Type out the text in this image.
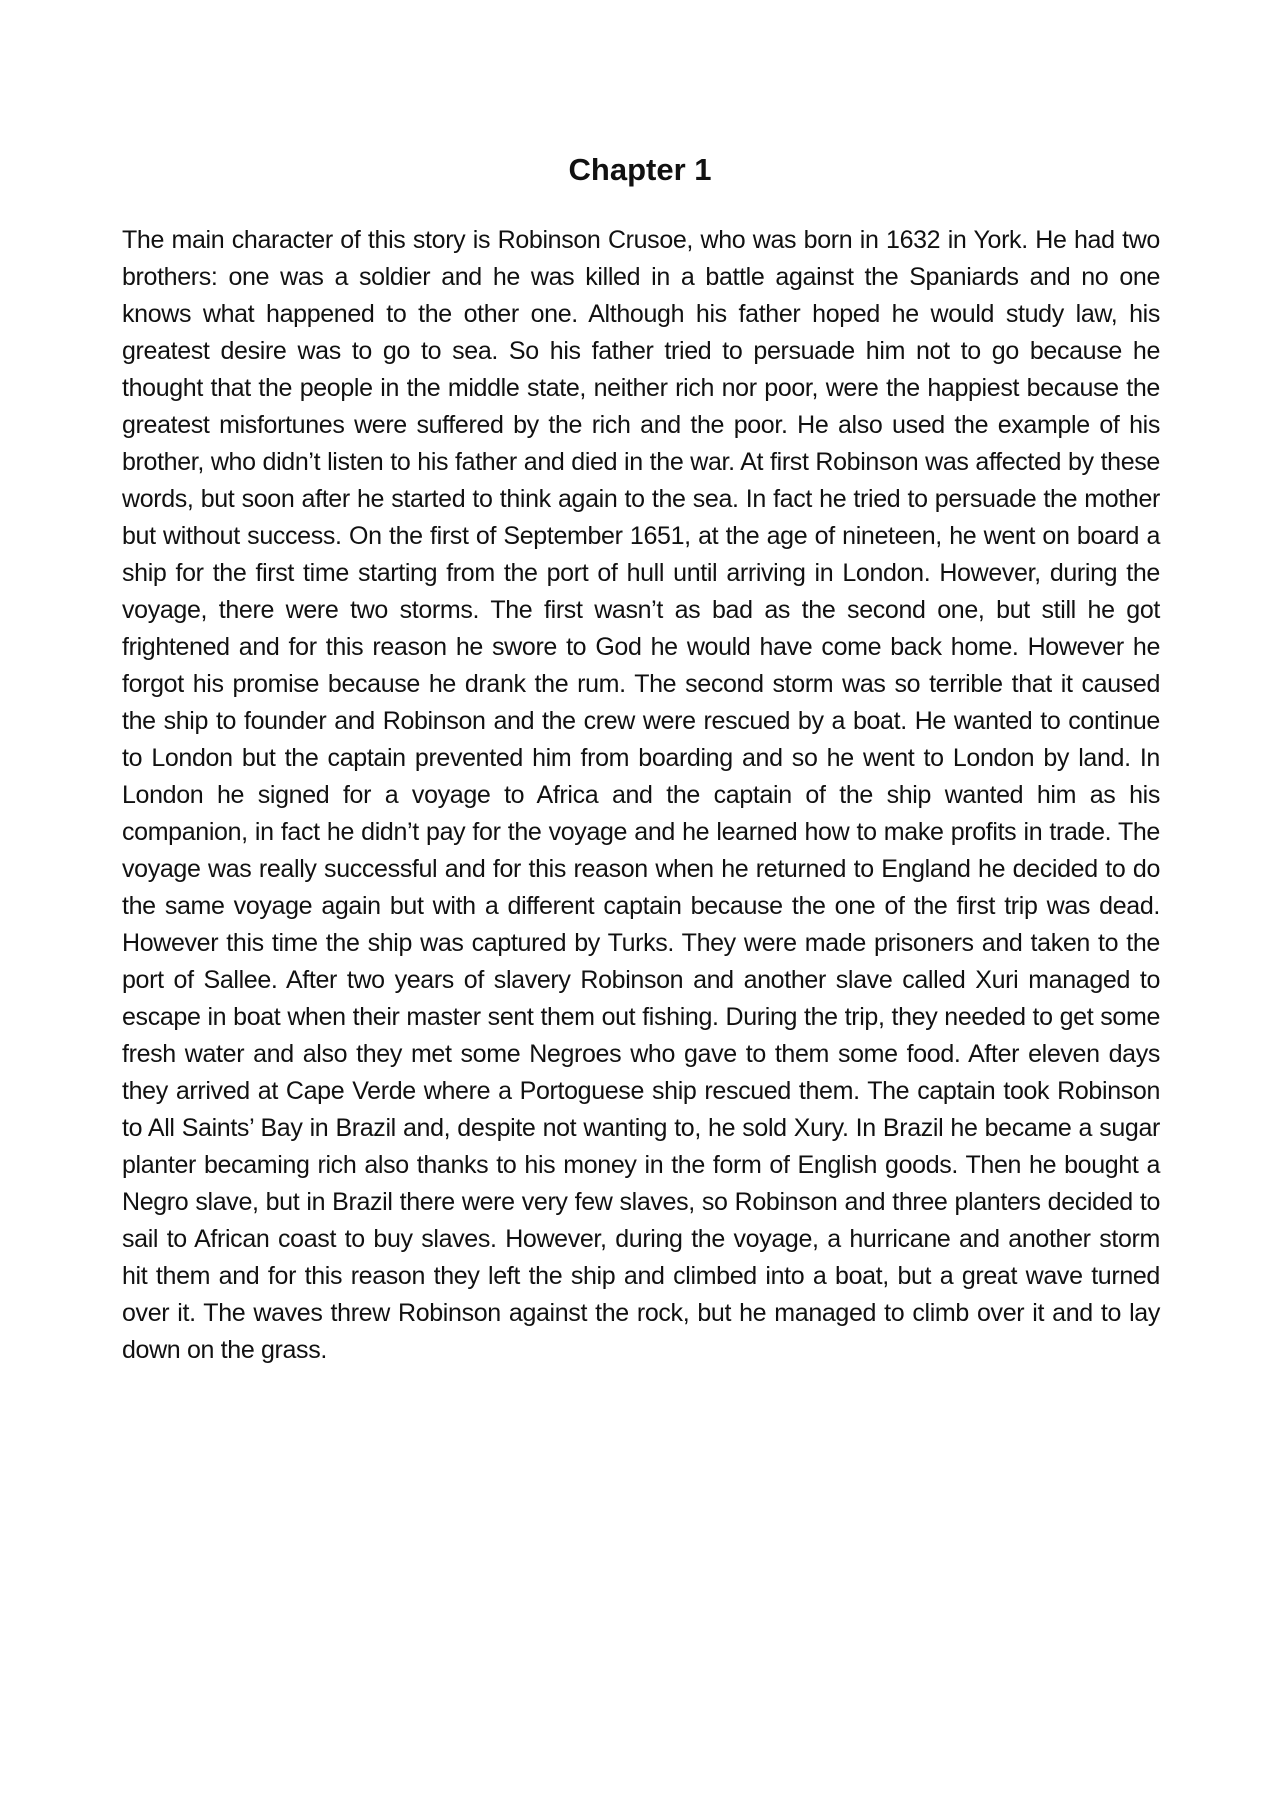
Chapter 1

The main character of this story is Robinson Crusoe, who was born in 1632 in York. He had two brothers: one was a soldier and he was killed in a battle against the Spaniards and no one knows what happened to the other one. Although his father hoped he would study law, his greatest desire was to go to sea. So his father tried to persuade him not to go because he thought that the people in the middle state, neither rich nor poor, were the happiest because the greatest misfortunes were suffered by the rich and the poor. He also used the example of his brother, who didn’t listen to his father and died in the war. At first Robinson was affected by these words, but soon after he started to think again to the sea. In fact he tried to persuade the mother but without success. On the first of September 1651, at the age of nineteen, he went on board a ship for the first time starting from the port of hull until arriving in London. However, during the voyage, there were two storms. The first wasn’t as bad as the second one, but still he got frightened and for this reason he swore to God he would have come back home. However he forgot his promise because he drank the rum. The second storm was so terrible that it caused the ship to founder and Robinson and the crew were rescued by a boat. He wanted to continue to London but the captain prevented him from boarding and so he went to London by land. In London he signed for a voyage to Africa and the captain of the ship wanted him as his companion, in fact he didn’t pay for the voyage and he learned how to make profits in trade. The voyage was really successful and for this reason when he returned to England he decided to do the same voyage again but with a different captain because the one of the first trip was dead. However this time the ship was captured by Turks. They were made prisoners and taken to the port of Sallee. After two years of slavery Robinson and another slave called Xuri managed to escape in boat when their master sent them out fishing. During the trip, they needed to get some fresh water and also they met some Negroes who gave to them some food. After eleven days they arrived at Cape Verde where a Portoguese ship rescued them. The captain took Robinson to All Saints’ Bay in Brazil and, despite not wanting to, he sold Xury. In Brazil he became a sugar planter becaming rich also thanks to his money in the form of English goods. Then he bought a Negro slave, but in Brazil there were very few slaves, so Robinson and three planters decided to sail to African coast to buy slaves. However, during the voyage, a hurricane and another storm hit them and for this reason they left the ship and climbed into a boat, but a great wave turned over it. The waves threw Robinson against the rock, but he managed to climb over it and to lay down on the grass.
